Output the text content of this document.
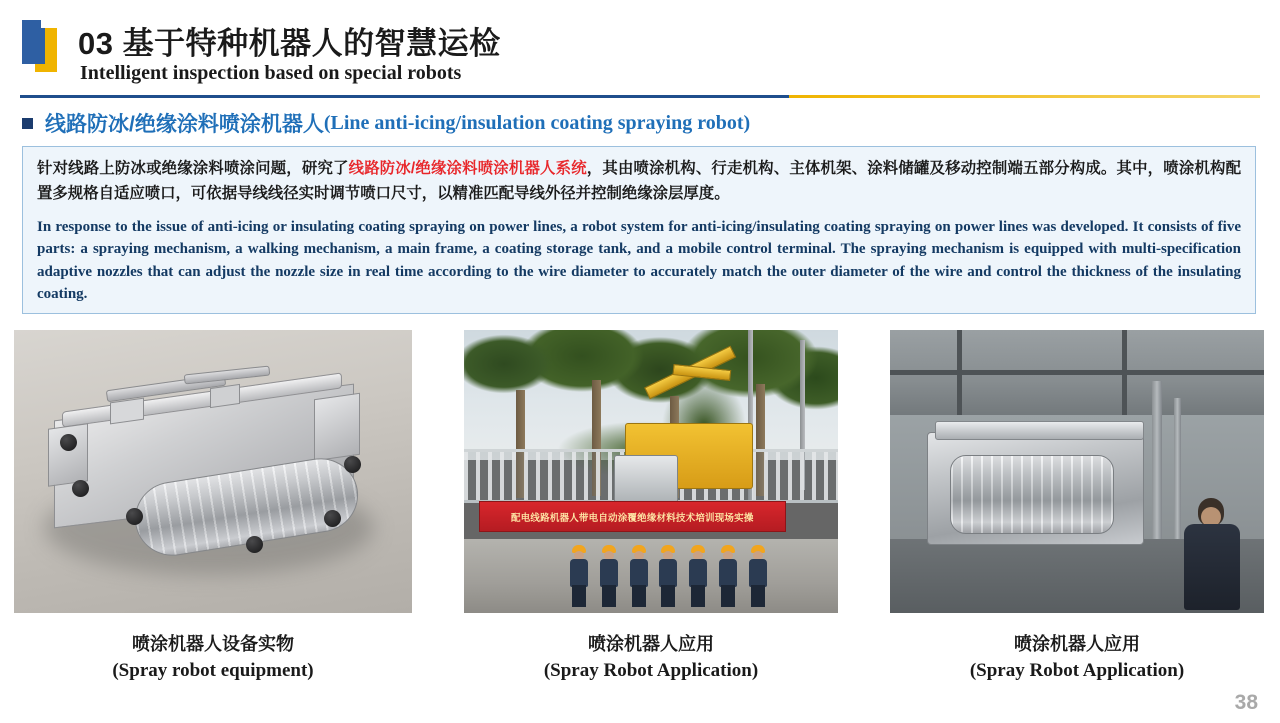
03 基于特种机器人的智慧运检
Intelligent inspection based on special robots
线路防冰/绝缘涂料喷涂机器人 (Line anti-icing/insulation coating spraying robot)

针对线路上防冰或绝缘涂料喷涂问题，研究了线路防冰/绝缘涂料喷涂机器人系统，其由喷涂机构、行走机构、主体机架、涂料储罐及移动控制端五部分构成。其中，喷涂机构配置多规格自适应喷口，可依据导线线径实时调节喷口尺寸，以精准匹配导线外径并控制绝缘涂层厚度。

In response to the issue of anti-icing or insulating coating spraying on power lines, a robot system for anti-icing/insulating coating spraying on power lines was developed. It consists of five parts: a spraying mechanism, a walking mechanism, a main frame, a coating storage tank, and a mobile control terminal. The spraying mechanism is equipped with multi-specification adaptive nozzles that can adjust the nozzle size in real time according to the wire diameter to accurately match the outer diameter of the wire and control the thickness of the insulating coating.

配电线路机器人带电自动涂覆绝缘材料技术培训现场实操
喷涂机器人设备实物
(Spray robot equipment)
喷涂机器人应用
(Spray Robot Application)
喷涂机器人应用
(Spray Robot Application)
38
